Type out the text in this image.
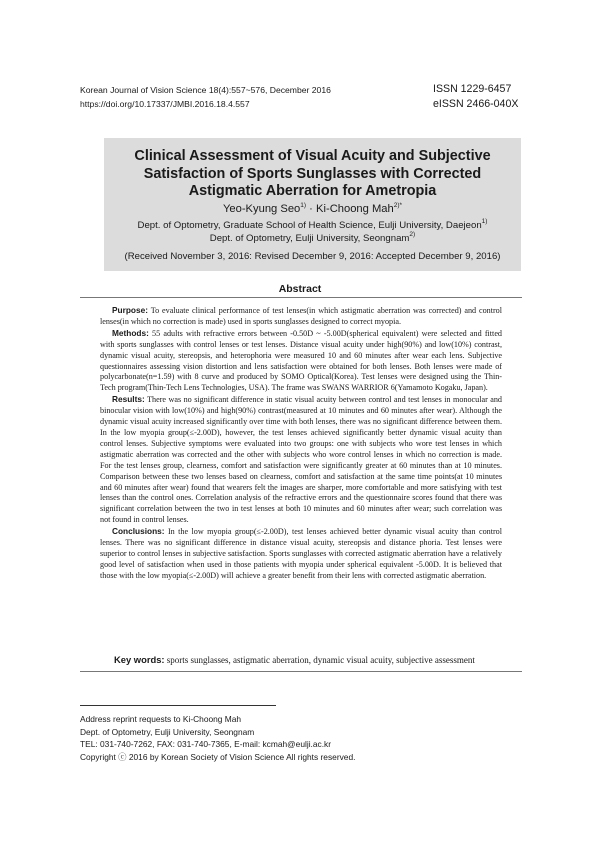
Korean Journal of Vision Science 18(4):557~576, December 2016
https://doi.org/10.17337/JMBI.2016.18.4.557
ISSN 1229-6457
eISSN 2466-040X
Clinical Assessment of Visual Acuity and Subjective
Satisfaction of Sports Sunglasses with Corrected
Astigmatic Aberration for Ametropia
Yeo-Kyung Seo$^{1)}$ · Ki-Choong Mah$^{2)*}$
Dept. of Optometry, Graduate School of Health Science, Eulji University, Daejeon$^{1)}$
Dept. of Optometry, Eulji University, Seongnam$^{2)}$
(Received November 3, 2016: Revised December 9, 2016: Accepted December 9, 2016)
Abstract

Purpose: To evaluate clinical performance of test lenses(in which astigmatic aberration was corrected) and control lenses(in which no correction is made) used in sports sunglasses designed to correct myopia.

Methods: 55 adults with refractive errors between -0.50D ~ -5.00D(spherical equivalent) were selected and fitted with sports sunglasses with control lenses or test lenses. Distance visual acuity under high(90%) and low(10%) contrast, dynamic visual acuity, stereopsis, and heterophoria were measured 10 and 60 minutes after wear each lens. Subjective questionnaires assessing vision distortion and lens satisfaction were obtained for both lenses. Both lenses were made of polycarbonate(n=1.59) with 8 curve and produced by SOMO Optical(Korea). Test lenses were designed using the Thin-Tech program(Thin-Tech Lens Technologies, USA). The frame was SWANS WARRIOR 6(Yamamoto Kogaku, Japan).

Results: There was no significant difference in static visual acuity between control and test lenses in monocular and binocular vision with low(10%) and high(90%) contrast(measured at 10 minutes and 60 minutes after wear). Although the dynamic visual acuity increased significantly over time with both lenses, there was no significant difference between them. In the low myopia group(≤-2.00D), however, the test lenses achieved significantly better dynamic visual acuity than control lenses. Subjective symptoms were evaluated into two groups: one with subjects who wore test lenses in which astigmatic aberration was corrected and the other with subjects who wore control lenses in which no correction is made. For the test lenses group, clearness, comfort and satisfaction were significantly greater at 60 minutes than at 10 minutes. Comparison between these two lenses based on clearness, comfort and satisfaction at the same time points(at 10 minutes and 60 minutes after wear) found that wearers felt the images are sharper, more comfortable and more satisfying with test lenses than the control ones. Correlation analysis of the refractive errors and the questionnaire scores found that there was significant correlation between the two in test lenses at both 10 minutes and 60 minutes after wear; such correlation was not found in control lenses.

Conclusions: In the low myopia group(≤-2.00D), test lenses achieved better dynamic visual acuity than control lenses. There was no significant difference in distance visual acuity, stereopsis and distance phoria. Test lenses were superior to control lenses in subjective satisfaction. Sports sunglasses with corrected astigmatic aberration have a relatively good level of satisfaction when used in those patients with myopia under spherical equivalent -5.00D. It is believed that those with the low myopia(≤-2.00D) will achieve a greater benefit from their lens with corrected astigmatic aberration.

Key words: sports sunglasses, astigmatic aberration, dynamic visual acuity, subjective assessment
Address reprint requests to Ki-Choong Mah
Dept. of Optometry, Eulji University, Seongnam
TEL: 031-740-7262, FAX: 031-740-7365, E-mail: kcmah@eulji.ac.kr
Copyright ⓒ 2016 by Korean Society of Vision Science All rights reserved.
